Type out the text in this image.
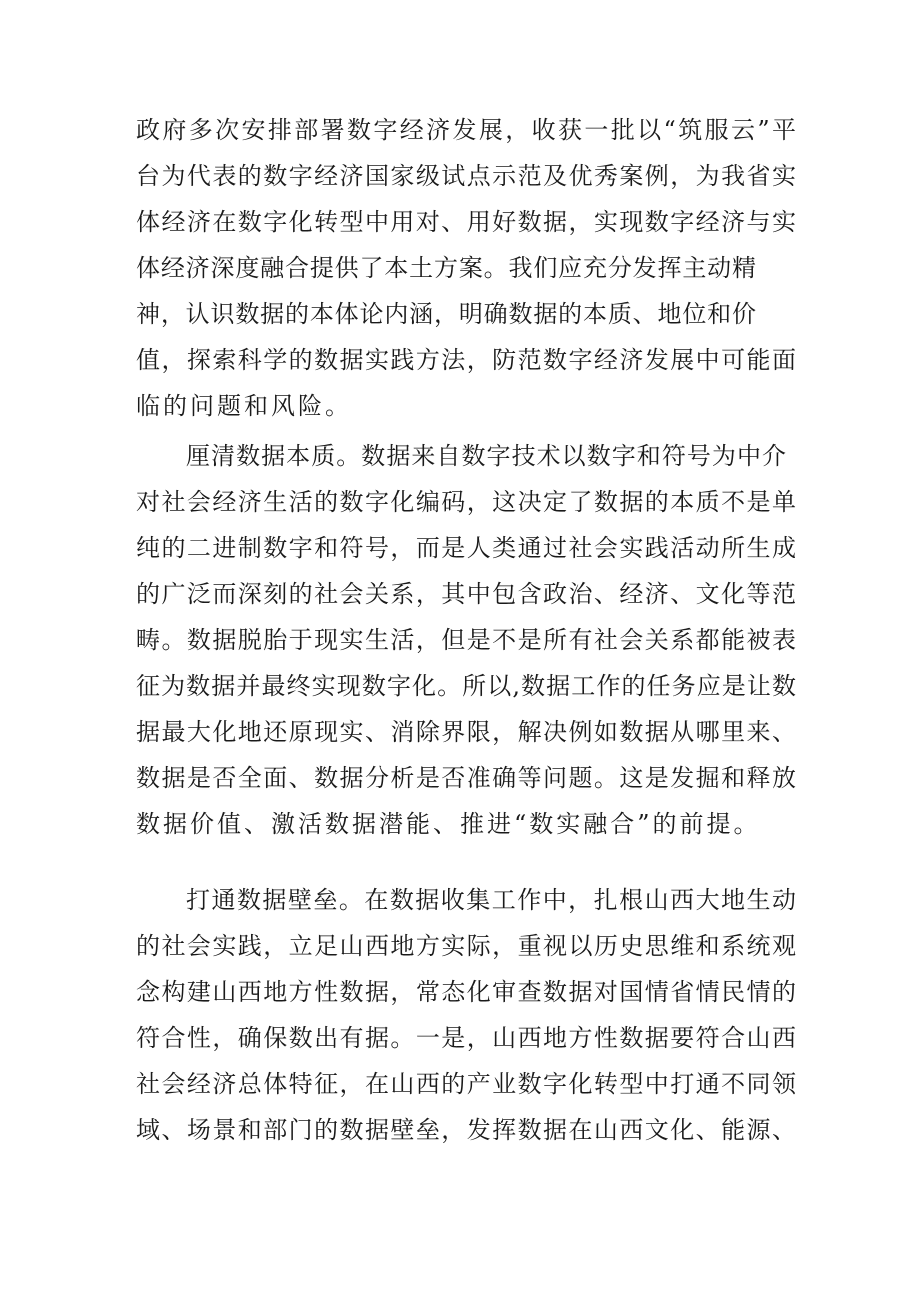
政府多次安排部署数字经济发展，收获一批以“筑服云”平
台为代表的数字经济国家级试点示范及优秀案例，为我省实
体经济在数字化转型中用对、用好数据，实现数字经济与实
体经济深度融合提供了本土方案。我们应充分发挥主动精
神，认识数据的本体论内涵，明确数据的本质、地位和价
值，探索科学的数据实践方法，防范数字经济发展中可能面
临的问题和风险。
厘清数据本质。数据来自数字技术以数字和符号为中介
对社会经济生活的数字化编码，这决定了数据的本质不是单
纯的二进制数字和符号，而是人类通过社会实践活动所生成
的广泛而深刻的社会关系，其中包含政治、经济、文化等范
畴。数据脱胎于现实生活，但是不是所有社会关系都能被表
征为数据并最终实现数字化。所以,数据工作的任务应是让数
据最大化地还原现实、消除界限，解决例如数据从哪里来、
数据是否全面、数据分析是否准确等问题。这是发掘和释放
数据价值、激活数据潜能、推进“数实融合”的前提。
打通数据壁垒。在数据收集工作中，扎根山西大地生动
的社会实践，立足山西地方实际，重视以历史思维和系统观
念构建山西地方性数据，常态化审查数据对国情省情民情的
符合性，确保数出有据。一是，山西地方性数据要符合山西
社会经济总体特征，在山西的产业数字化转型中打通不同领
域、场景和部门的数据壁垒，发挥数据在山西文化、能源、
